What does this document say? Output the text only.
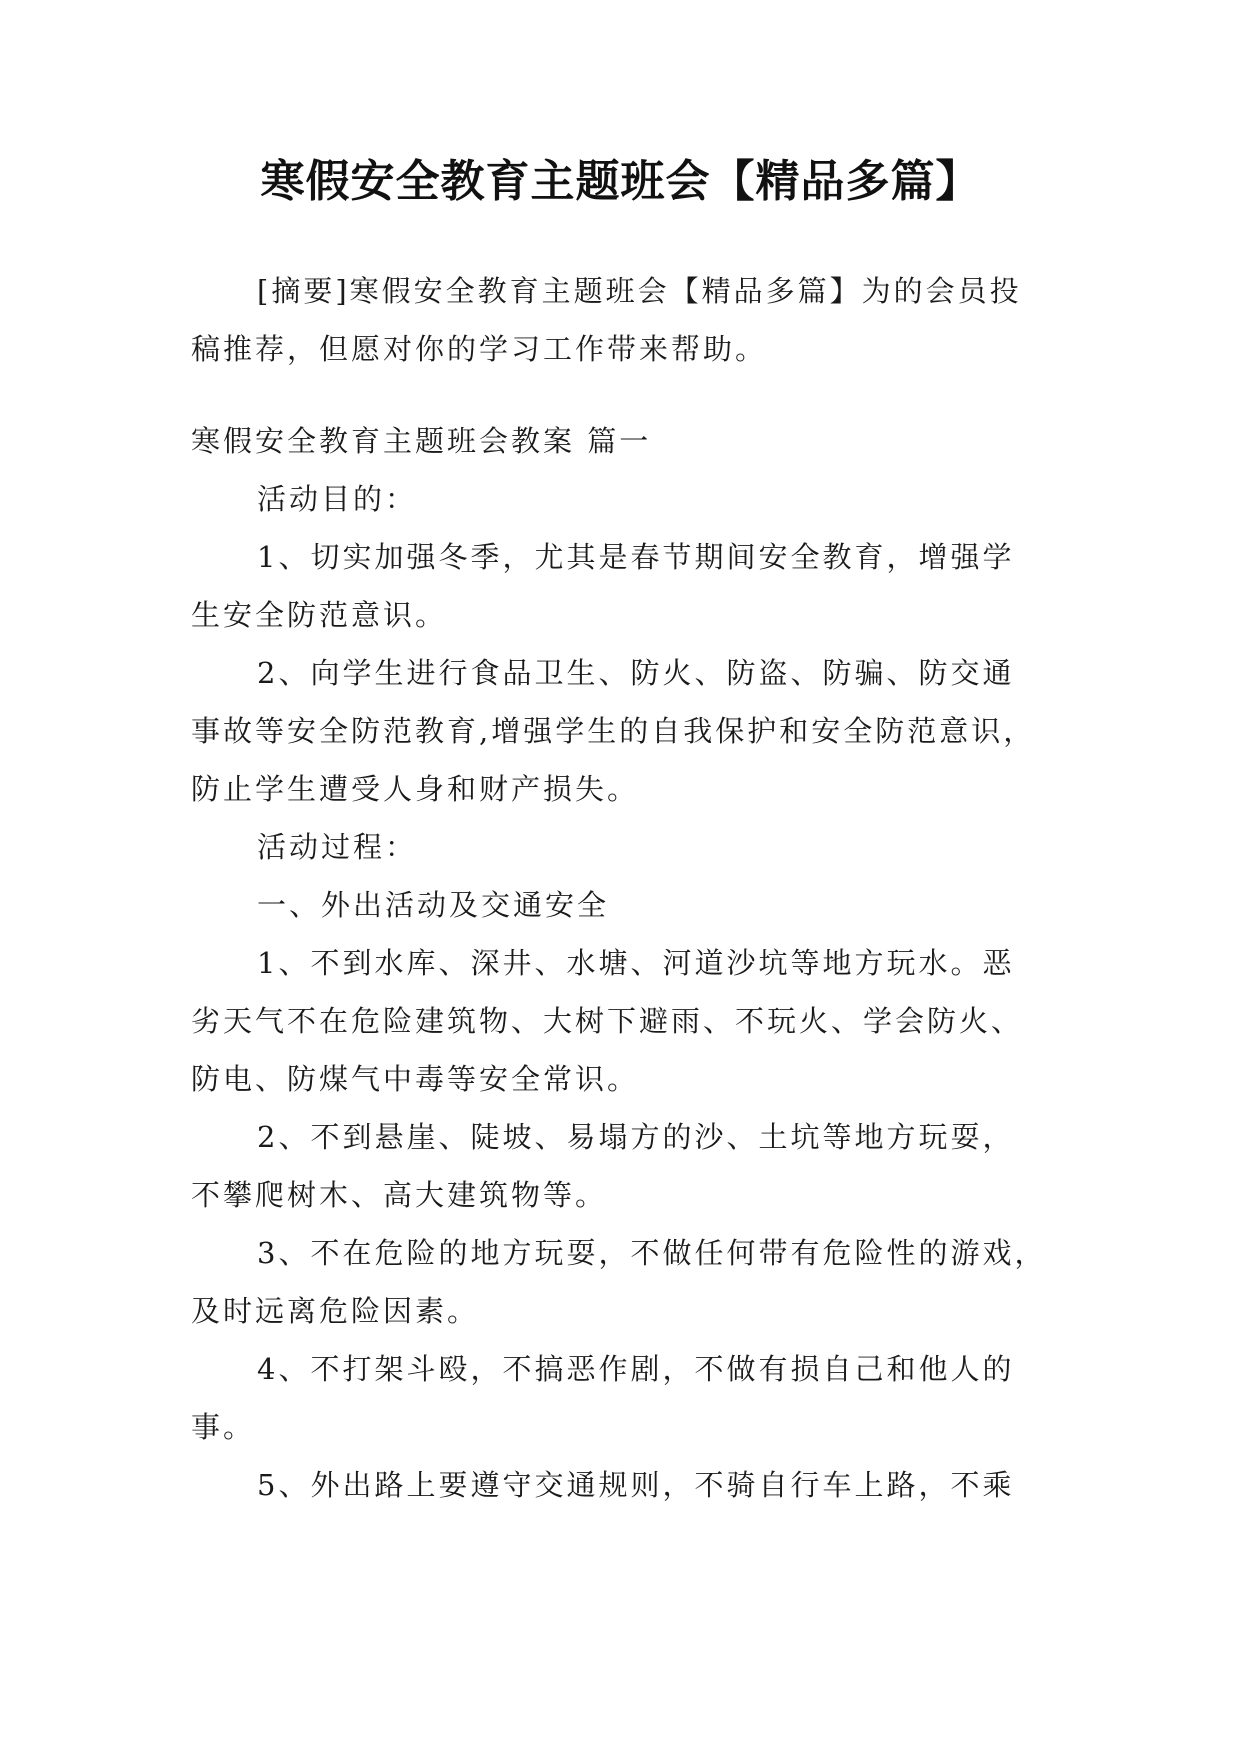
寒假安全教育主题班会【精品多篇】
[摘要]寒假安全教育主题班会【精品多篇】为的会员投
稿推荐，但愿对你的学习工作带来帮助。
寒假安全教育主题班会教案 篇一
活动目的：
1、切实加强冬季，尤其是春节期间安全教育，增强学
生安全防范意识。
2、向学生进行食品卫生、防火、防盗、防骗、防交通
事故等安全防范教育,增强学生的自我保护和安全防范意识，
防止学生遭受人身和财产损失。
活动过程：
一、外出活动及交通安全
1、不到水库、深井、水塘、河道沙坑等地方玩水。恶
劣天气不在危险建筑物、大树下避雨、不玩火、学会防火、
防电、防煤气中毒等安全常识。
2、不到悬崖、陡坡、易塌方的沙、土坑等地方玩耍，
不攀爬树木、高大建筑物等。
3、不在危险的地方玩耍，不做任何带有危险性的游戏，
及时远离危险因素。
4、不打架斗殴，不搞恶作剧，不做有损自己和他人的
事。
5、外出路上要遵守交通规则，不骑自行车上路，不乘
